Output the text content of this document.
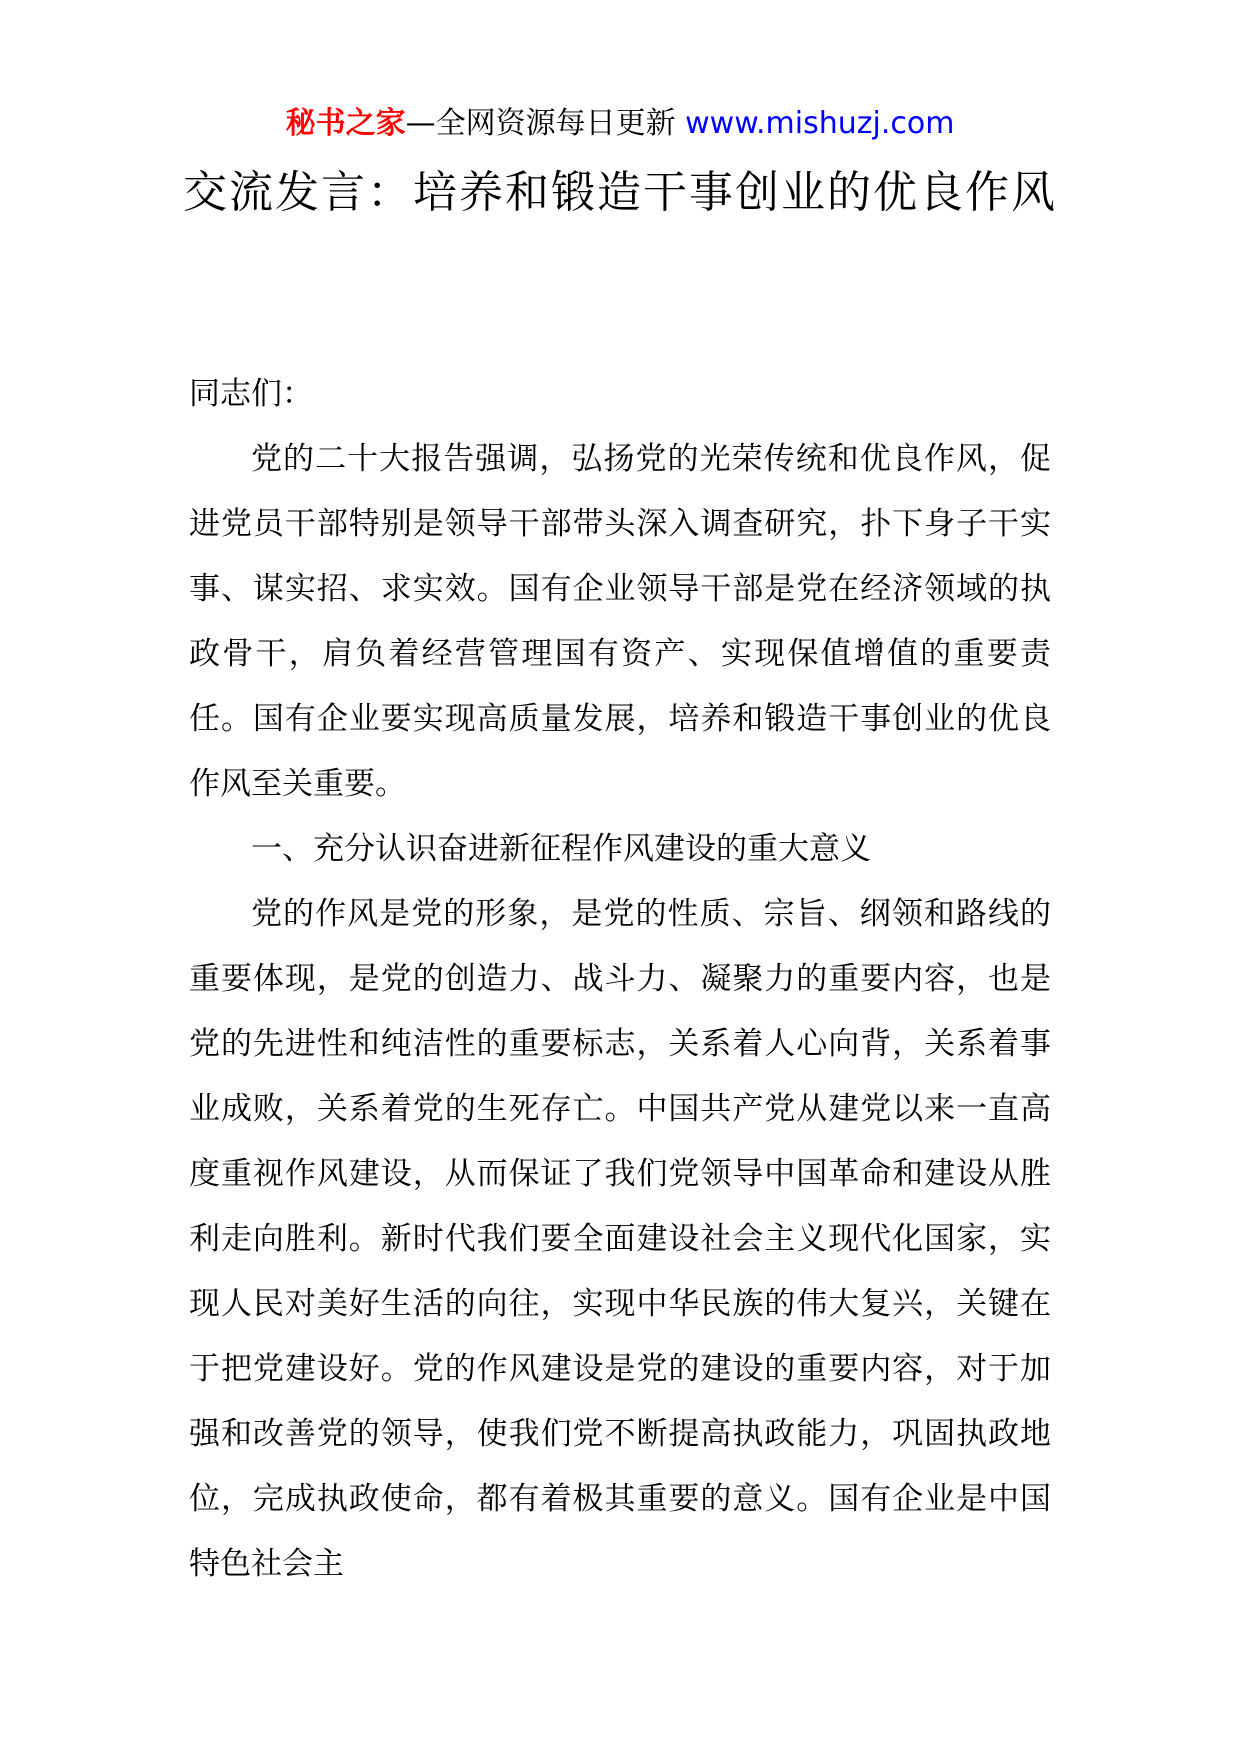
秘书之家—全网资源每日更新 www.mishuzj.com
交流发言：培养和锻造干事创业的优良作风

同志们：

党的二十大报告强调，弘扬党的光荣传统和优良作风，促进党员干部特别是领导干部带头深入调查研究，扑下身子干实事、谋实招、求实效。国有企业领导干部是党在经济领域的执政骨干，肩负着经营管理国有资产、实现保值增值的重要责任。国有企业要实现高质量发展，培养和锻造干事创业的优良作风至关重要。

一、充分认识奋进新征程作风建设的重大意义

党的作风是党的形象，是党的性质、宗旨、纲领和路线的重要体现，是党的创造力、战斗力、凝聚力的重要内容，也是党的先进性和纯洁性的重要标志，关系着人心向背，关系着事业成败，关系着党的生死存亡。中国共产党从建党以来一直高度重视作风建设，从而保证了我们党领导中国革命和建设从胜利走向胜利。新时代我们要全面建设社会主义现代化国家，实现人民对美好生活的向往，实现中华民族的伟大复兴，关键在于把党建设好。党的作风建设是党的建设的重要内容，对于加强和改善党的领导，使我们党不断提高执政能力，巩固执政地位，完成执政使命，都有着极其重要的意义。国有企业是中国特色社会主
